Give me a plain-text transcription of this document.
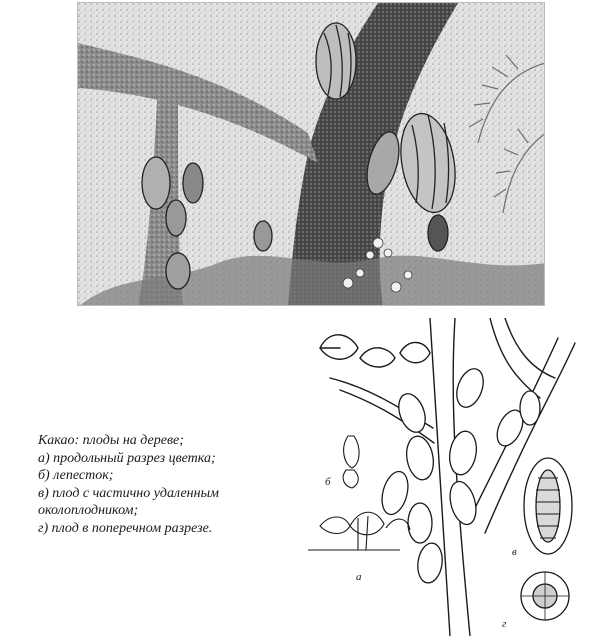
б
а
в
г
Какао: плоды на дереве;
а) продольный разрез цветка;
б) лепесток;
в) плод с частично удаленным
околоплодником;
г) плод в поперечном разрезе.
